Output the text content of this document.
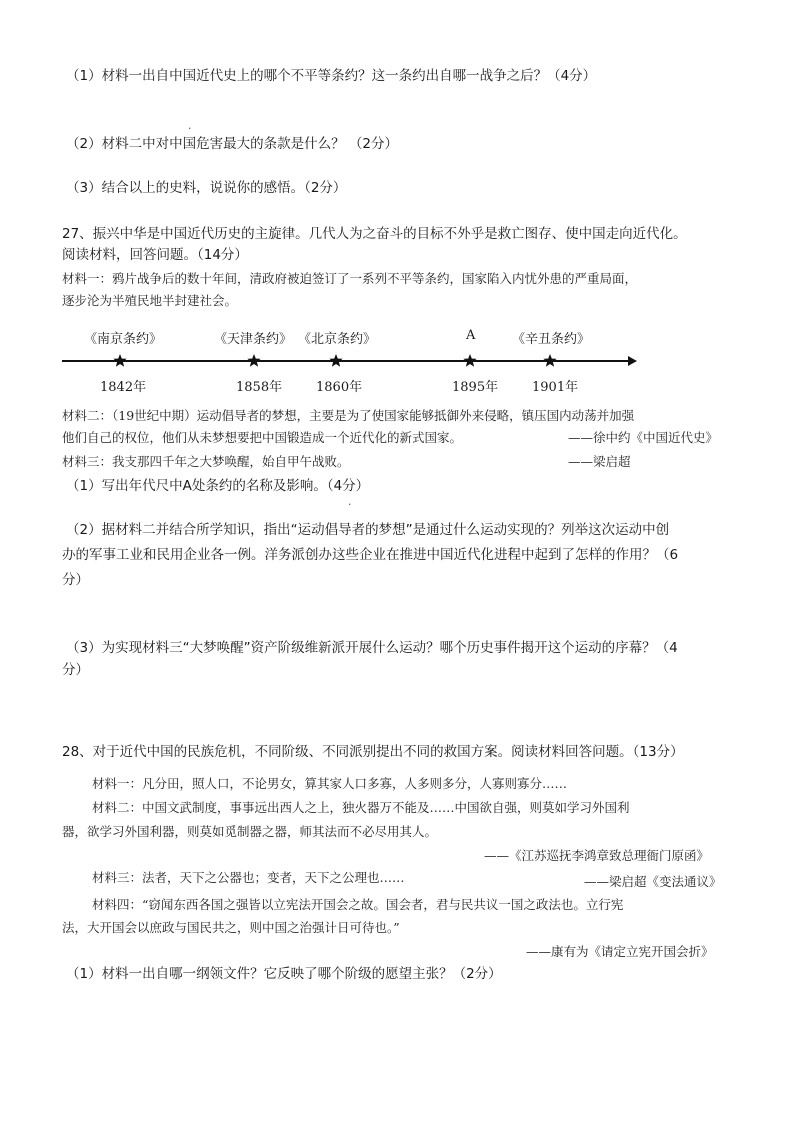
（1）材料一出自中国近代史上的哪个不平等条约？这一条约出自哪一战争之后？（4分）
（2）材料二中对中国危害最大的条款是什么？ （2分）
（3）结合以上的史料，说说你的感悟。（2分）
27、振兴中华是中国近代历史的主旋律。几代人为之奋斗的目标不外乎是救亡图存、使中国走向近代化。
阅读材料，回答问题。（14分）
材料一：鸦片战争后的数十年间，清政府被迫签订了一系列不平等条约，国家陷入内忧外患的严重局面，
逐步沦为半殖民地半封建社会。
《南京条约》	《天津条约》 《北京条约》	A	《辛丑条约》
1842年	1858年	1860年	1895年	1901年
材料二：（19世纪中期）运动倡导者的梦想，主要是为了使国家能够抵御外来侵略，镇压国内动荡并加强
他们自己的权位，他们从未梦想要把中国锻造成一个近代化的新式国家。	——徐中约《中国近代史》
材料三：我支那四千年之大梦唤醒，始自甲午战败。	——梁启超
（1）写出年代尺中A处条约的名称及影响。（4分）
（2）据材料二并结合所学知识，指出“运动倡导者的梦想”是通过什么运动实现的？列举这次运动中创
办的军事工业和民用企业各一例。洋务派创办这些企业在推进中国近代化进程中起到了怎样的作用？（6
分）
（3）为实现材料三“大梦唤醒”资产阶级维新派开展什么运动？哪个历史事件揭开这个运动的序幕？（4
分）
28、对于近代中国的民族危机，不同阶级、不同派别提出不同的救国方案。阅读材料回答问题。（13分）
材料一：凡分田，照人口，不论男女，算其家人口多寡，人多则多分，人寡则寡分……
材料二：中国文武制度，事事远出西人之上，独火器万不能及……中国欲自强，则莫如学习外国利
器，欲学习外国利器，则莫如觅制器之器，师其法而不必尽用其人。
——《江苏巡抚李鸿章致总理衙门原函》
材料三：法者，天下之公器也；变者，天下之公理也……	——梁启超《变法通议》
材料四：“窃闻东西各国之强皆以立宪法开国会之故。国会者，君与民共议一国之政法也。立行宪
法，大开国会以庶政与国民共之，则中国之治强计日可待也。”
——康有为《请定立宪开国会折》
（1）材料一出自哪一纲领文件？它反映了哪个阶级的愿望主张？（2分）
·
·
